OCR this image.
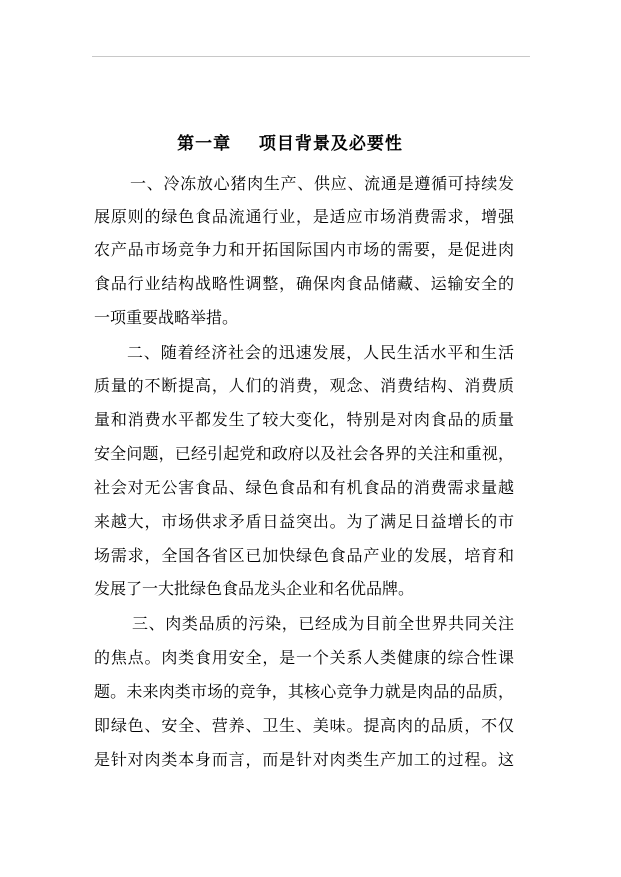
第一章    项目背景及必要性
一、冷冻放心猪肉生产、供应、流通是遵循可持续发
展原则的绿色食品流通行业，是适应市场消费需求，增强
农产品市场竞争力和开拓国际国内市场的需要，是促进肉
食品行业结构战略性调整，确保肉食品储藏、运输安全的
一项重要战略举措。
二、随着经济社会的迅速发展，人民生活水平和生活
质量的不断提高，人们的消费，观念、消费结构、消费质
量和消费水平都发生了较大变化，特别是对肉食品的质量
安全问题，已经引起党和政府以及社会各界的关注和重视，
社会对无公害食品、绿色食品和有机食品的消费需求量越
来越大，市场供求矛盾日益突出。为了满足日益增长的市
场需求，全国各省区已加快绿色食品产业的发展，培育和
发展了一大批绿色食品龙头企业和名优品牌。
三、肉类品质的污染，已经成为目前全世界共同关注
的焦点。肉类食用安全，是一个关系人类健康的综合性课
题。未来肉类市场的竞争，其核心竞争力就是肉品的品质，
即绿色、安全、营养、卫生、美味。提高肉的品质，不仅
是针对肉类本身而言，而是针对肉类生产加工的过程。这
